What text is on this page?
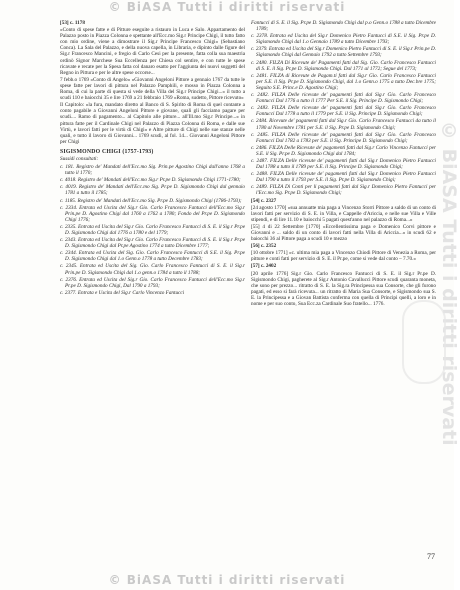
© BiASA Tutti i diritti riservati
© BiASA Tutti i diritti riservati

[53] c. 1178

«Conto di spese fatte e di Pitture eseguite a ristauro in Luca e Salo. Appartamento del Palazzo posto in Piazza Colonna e spettante all'Ecc.mo Sig.r Principe Chigi, il tutto fatto con mio ordine, viene a dimostrare il Sig.r Principe Francesco Chigi» (Sebastiano Conca). La Sala del Palazzo, e della nuova capella, in Libraria, e dipinto dalle figure del Sig.r Francesco Mancini, e fregio di Carlo Cesi per la presente, fatta colla sua maestria ordinò Signor Marchese Sua Eccellenza per Chiesa col sentire, e con tutte le spese ricavate e recate per la Spesa fatta col danaro esatto per l'aggiunta dei nuovi soggetti del Regno in Pittura e per le altre spese occorse...

7 febb.o 1769 «Conto di Angelo» «Giovanni Angeloni Pittore a gennaio 1767 da tutte le spese fatte per lavori di pittura nel Palazzo Pamphili, e mosso in Piazza Colonna a Roma, di cui la parte di questa si vede della Villa del Sig.r Principe Chigi...» il tutto a scudi 110 e baiocchi 35 e lire 1769 a 21 febbraio 1769 «Roma, sudetto, Pittore ricevuto»

Il Capitolo: «la fura, mandato diretto al Banco di S. Spirito di Roma di quel contante a conto pagabile a Giovanni Angeloni Pittore e giovane, quali gli facciamo pagare per scudi.... Ramo di pagamento... al Capitolo alle pitture... all'Ill.mo Sig.r Principe...» in pittura fatte per il Cardinale Chigi nel Palazzo di Piazza Colonna di Roma, e dalle sue Virtù, e lavori fatti per le virtù di Chigi» e Altre pitture di Chigi nelle sue stanze nelle quali, e tutto il lavoro di Giovanni... 1769 scudi, al fol. 14... Giovanni Angeloni Pittore per Chigi

SIGISMONDO CHIGI (1757-1793)

Sussidi consultati:

c. 181. Registro de' Mandati dell'Ecc.mo Sig. Prin.pe Agostino Chigi dall'anno 1768 a tutto il 1770;

c. 4018. Registro de' Mandati dell'Ecc.mo Sig.r Pr.pe D. Sigismondo Chigi 1771-1780;

c. 4019. Registro de' Mandati dell'Ecc.mo Sig. Pr.pe D. Sigismondo Chigi dal gennaio 1781 a tutto il 1785;

c. 1185. Registro de' Mandati dell'Ecc.mo Sig. Pr.pe D. Sigismondo Chigi (1786-1793);

c. 2334. Entrata ed Uscita del Sig.r Gio. Carlo Francesco Fantucci dell'Ecc.mo Sig.r Prin.pe D. Agostino Chigi dal 1760 a 1762 a 1780; Fondo del Pr.pe D. Sigismondo Chigi 1776;

c. 2335. Entrata ed Uscita del Sig.r Gio. Carlo Francesco Fantucci di S. E. il Sig.r Pr.pe D. Sigismondo Chigi dal 1776 a 1780 e del 1779;

c. 2343. Entrata ed Uscita del Sig.r Gio. Carlo Francesco Fantucci di S. E. il Sig.r Pr.pe D. Sigismondo Chigi dal Pr.pe Agostino 1774 a tutto Dicembre 1777;

c. 2344. Entrata ed Uscita del Sig. Gio. Carlo Francesco Fantucci di S.E. il Sig. Pr.pe D. Sigismondo Chigi dal 1.o Genn.o 1778 a tutto Decembre 1783;

c. 2345. Entrata ed Uscita del Sig. Gio. Carlo Francesco Fantucci di S. E. il Sig.r Prin.pe D. Sigismondo Chigi dal 1.o genn.o 1784 a tutto il 1788;

c. 2376. Entrata ed Uscita del Sig.r Gio. Carlo Francesco Fantucci dell'Ecc.mo Sig.r Pr.pe D. Sigismondo Chigi, Dal 1790 a 1793;

c. 2377. Entrata e Uscita del Sig.r Carlo Vincenzo Fantucci

Fantucci di S. E. il Sig. Pr.pe D. Sigismondo Chigi dal p.o Genn.o 1788 a tutto Dicembre 1789;

c. 2378. Entrata ed Uscita del Sig.r Domenico Pietro Fantucci di S.E. il Sig. Pr.pe D. Sigismondo Chigi dal 1.o Gennaio 1789 a tutto Dicembre 1793;

c. 2379. Entrata ed Uscita del Sig.r Domenico Pietro Fantucci di S. E. il Sig.r Prin.pe D. Sigismondo Chigi dal Gennaio 1792 a tutto Settembre 1793;

c. 2480. FILZA Di Ricevute de' Pagamenti fatti dal Sig. Gio. Carlo Francesco Fantucci di S. E. il Sig. Pr.pe D. Sigismondo Chigi. Dal 1771 al 1772; Segue del 1773;

c. 2481. FILZA di Ricevute de Pagam.ti fatti dal Sig.r Gio. Carlo Francesco Fantucci per S.E. il Sig. Pr.pe D. Sigismondo Chigi, dal 1.o Genn.o 1775 a tutto Dec.bre 1775; Seguito S.E. Princ.e D. Agostino Chigi;

c. 2482. FILZA Delle ricevute de' pagamenti fatti dal Sig.r Gio. Carlo Francesco Fantucci Dal 1776 a tutto il 1777 Per S.E. il Sig. Principe D. Sigismondo Chigi;

c. 2483. FILZA Delle ricevute de' pagamenti fatti dal Sig.r Gio. Carlo Francesco Fantucci Dal 1778 a tutto il 1779 per S.E. il Sig. Principe D. Sigismondo Chigi;

c. 2484. Ricevute de' pagamenti fatti dal Sig.r Gio. Carlo Francesco Fantucci da tutto il 1780 al Novembre 1781 per S.E. il Sig. Pr.pe D. Sigismondo Chigi;

c. 2485. FILZA Delle ricevute de' pagamenti fatti dal Sig.r Gio. Carlo Francesco Fantucci Dal 1782 a 1783 per S.E. il Sig. Principe D. Sigismondo Chigi;

c. 2486. FILZA Delle Ricevute de' pagamenti fatti dal Sig.r Carlo Vincenzo Fantucci per S.E. il Sig. Pr.pe D. Sigismondo Chigi dal 1784;

c. 2487. FILZA Delle ricevute de' pagamenti fatti dal Sig.r Domenico Pietro Fantucci Dal 1788 a tutto il 1789 per S.E. il Sig. Principe D. Sigismondo Chigi;

c. 2488. FILZA Delle ricevute de' pagamenti fatti dal Sig.r Domenico Pietro Fantucci Dal 1790 a tutto il 1793 per S.E. il Sig. Pr.pe D. Sigismondo Chigi;

c. 2489. FILZA Di Conti per li pagamenti fatti dal Sig.r Domenico Pietro Fantucci per l'Ecc.mo Sig. Pr.pe D. Sigismondo Chigi;

[54] c. 2327

[24 agosto 1770] «sua annuatte mia paga a Vincenzo Storri Pittore a saldo di un conto di lavori fatti per servizio di S. E. in Villa, e Cappelle d'Ariccia, e nelle sue Villa e Ville stipendi, e di lire 11.10 e baiocchi 5 pagati quest'anno nel palazzo di Roma...»

[55] 4 di 22 Settembre [1770] «Eccellentissima paga e Domenico Corvi pittore e Giovanni e ... saldo di un conto di lavori fatti nella Villa di Ariccia...» in scudi 62 e baiocchi 36 al Pittore paga a scudi 10 e mezzo

[56] c. 2352

[10 ottobre 1771] «c. ultima mia paga a Vincenzo Chiodi Pittore di Venezia a Roma, per pitture e conti fatti per servizio di S. E. il Pr.pe, come si vede dal conto – 7.70.»

[57] c. 2402

[20 aprile 1776] Sig.r Gio. Carlo Francesco Fantucci di S. E. il Sig.r Pr.pe D. Sigismondo Chigi, pagherete al Sig.r Antonio Cavallucci Pittore scudi quaranta moneta, che sono per prezzo... ritratto di S. E. la Sig.ra Principessa sua Consorte, che gli furono pagati, ed esso si farà ricevuta... un ritratto di Maria Sua Consorte, e Sigismondo sua S. E. la Principessa e a Giovan Battista conferma con quella di Principi quelli, a loro e in nome e per suo conto, Sua Ecc.za Cardinale Suo fratello... 1776.

77
© BiASA Tutti i diritti riservati
